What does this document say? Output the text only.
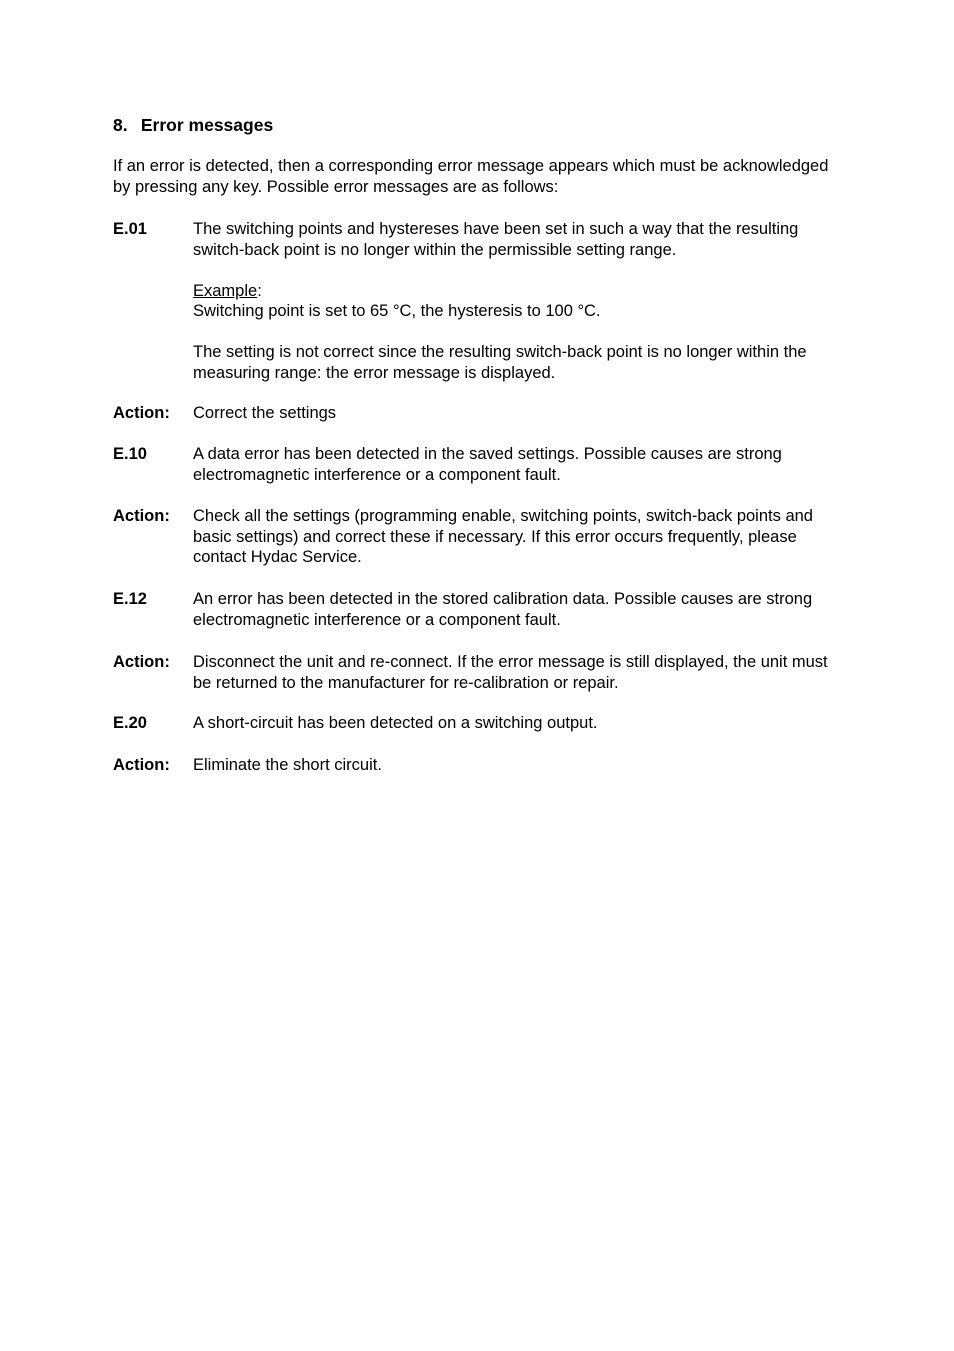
8. Error messages

If an error is detected, then a corresponding error message appears which must be acknowledged by pressing any key. Possible error messages are as follows:

E.01	The switching points and hystereses have been set in such a way that the resulting switch-back point is no longer within the permissible setting range.

Example:
Switching point is set to 65 °C, the hysteresis to 100 °C.

The setting is not correct since the resulting switch-back point is no longer within the measuring range: the error message is displayed.

Action:	Correct the settings
E.10	A data error has been detected in the saved settings. Possible causes are strong electromagnetic interference or a component fault.
Action:	Check all the settings (programming enable, switching points, switch-back points and basic settings) and correct these if necessary. If this error occurs frequently, please contact Hydac Service.
E.12	An error has been detected in the stored calibration data. Possible causes are strong electromagnetic interference or a component fault.
Action:	Disconnect the unit and re-connect. If the error message is still displayed, the unit must be returned to the manufacturer for re-calibration or repair.
E.20	A short-circuit has been detected on a switching output.
Action:	Eliminate the short circuit.
